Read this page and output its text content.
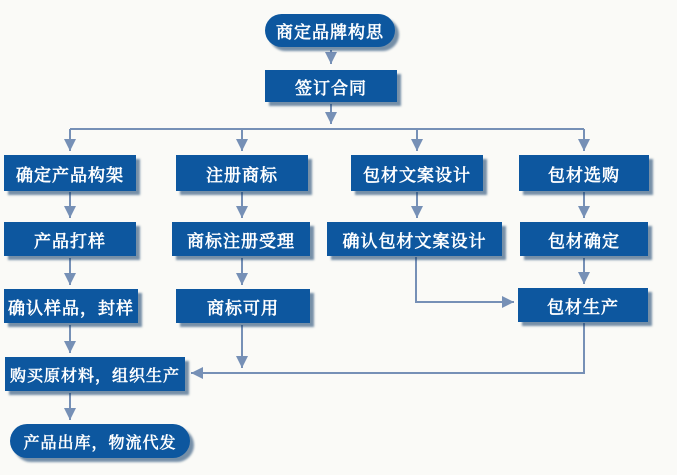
商定品牌构思
签订合同
确定产品构架	注册商标	包材文案设计	包材选购
产品打样	商标注册受理	确认包材文案设计	包材确定
确认样品，封样	商标可用	包材生产
购买原材料，组织生产
产品出库，物流代发
